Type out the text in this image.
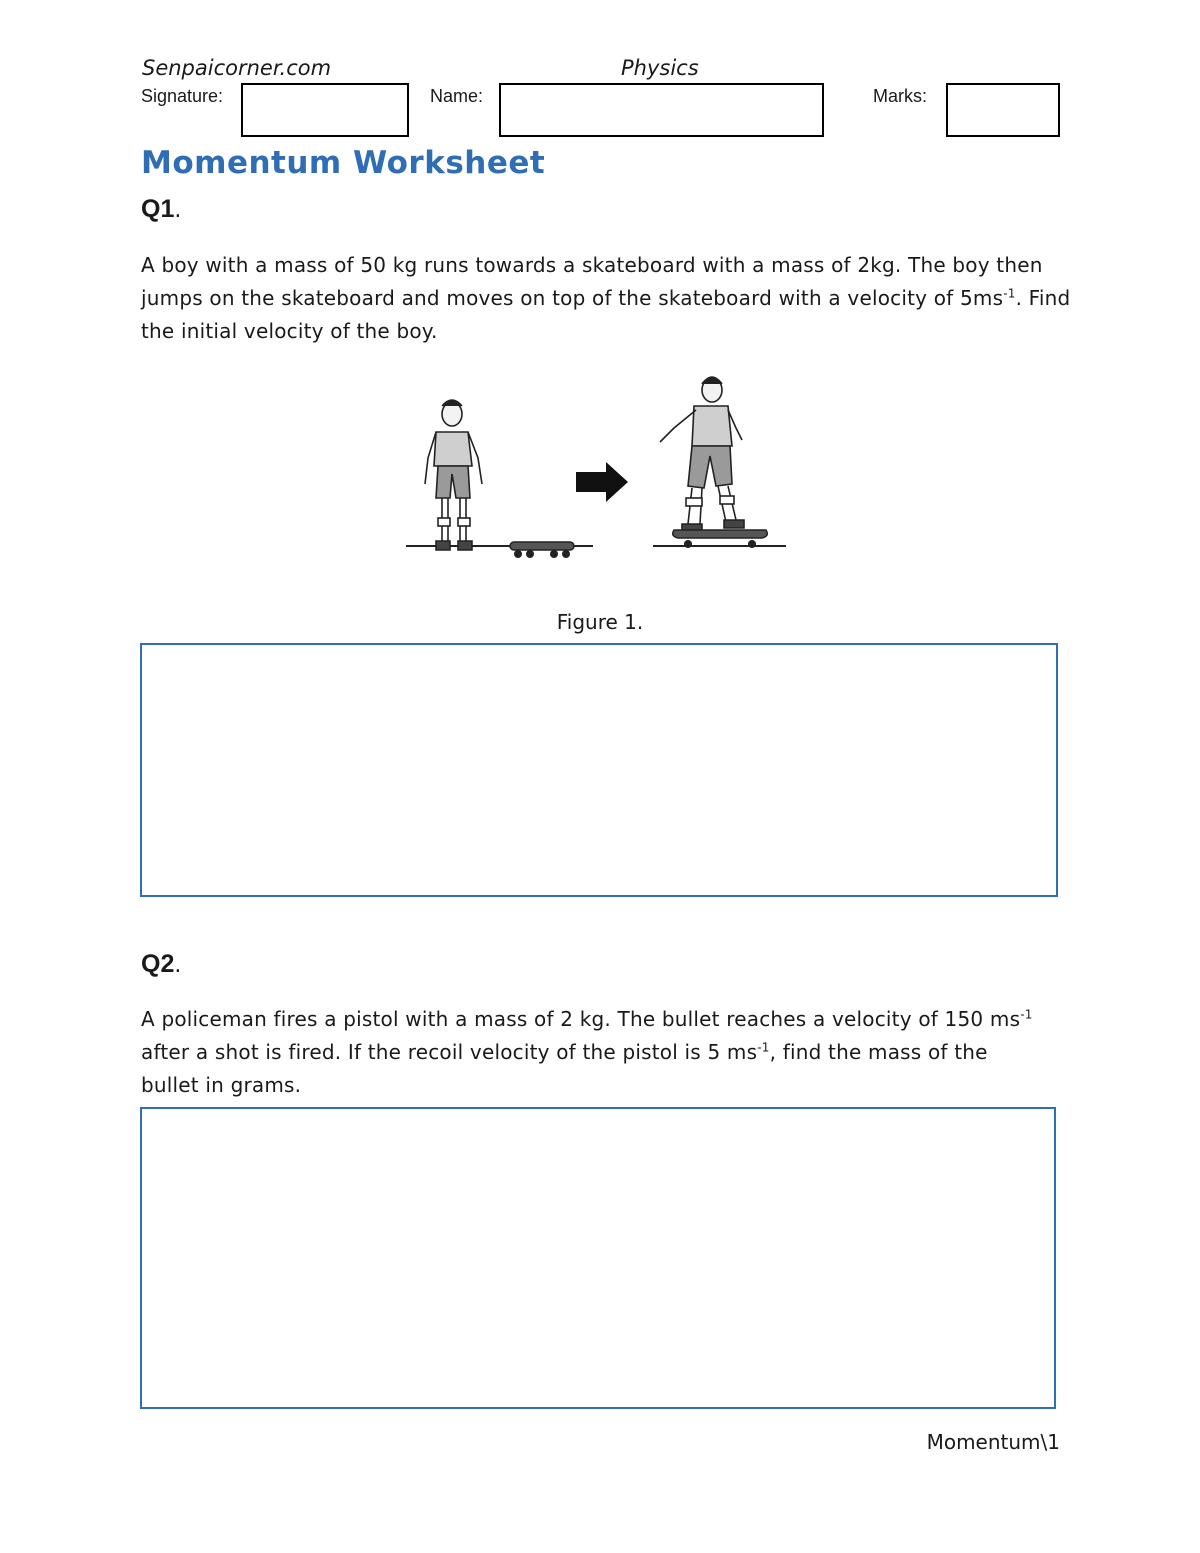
Senpaicorner.com	Physics
Signature:	Name:	Marks:
Momentum Worksheet
Q1.
A boy with a mass of 50 kg runs towards a skateboard with a mass of 2kg. The boy then
jumps on the skateboard and moves on top of the skateboard with a velocity of $5ms^{-1}$. Find
the initial velocity of the boy.
Figure 1.
Q2.
A policeman fires a pistol with a mass of 2 kg. The bullet reaches a velocity of 150 $ms^{-1}$
after a shot is fired. If the recoil velocity of the pistol is 5 $ms^{-1}$, find the mass of the
bullet in grams.
Momentum\1
